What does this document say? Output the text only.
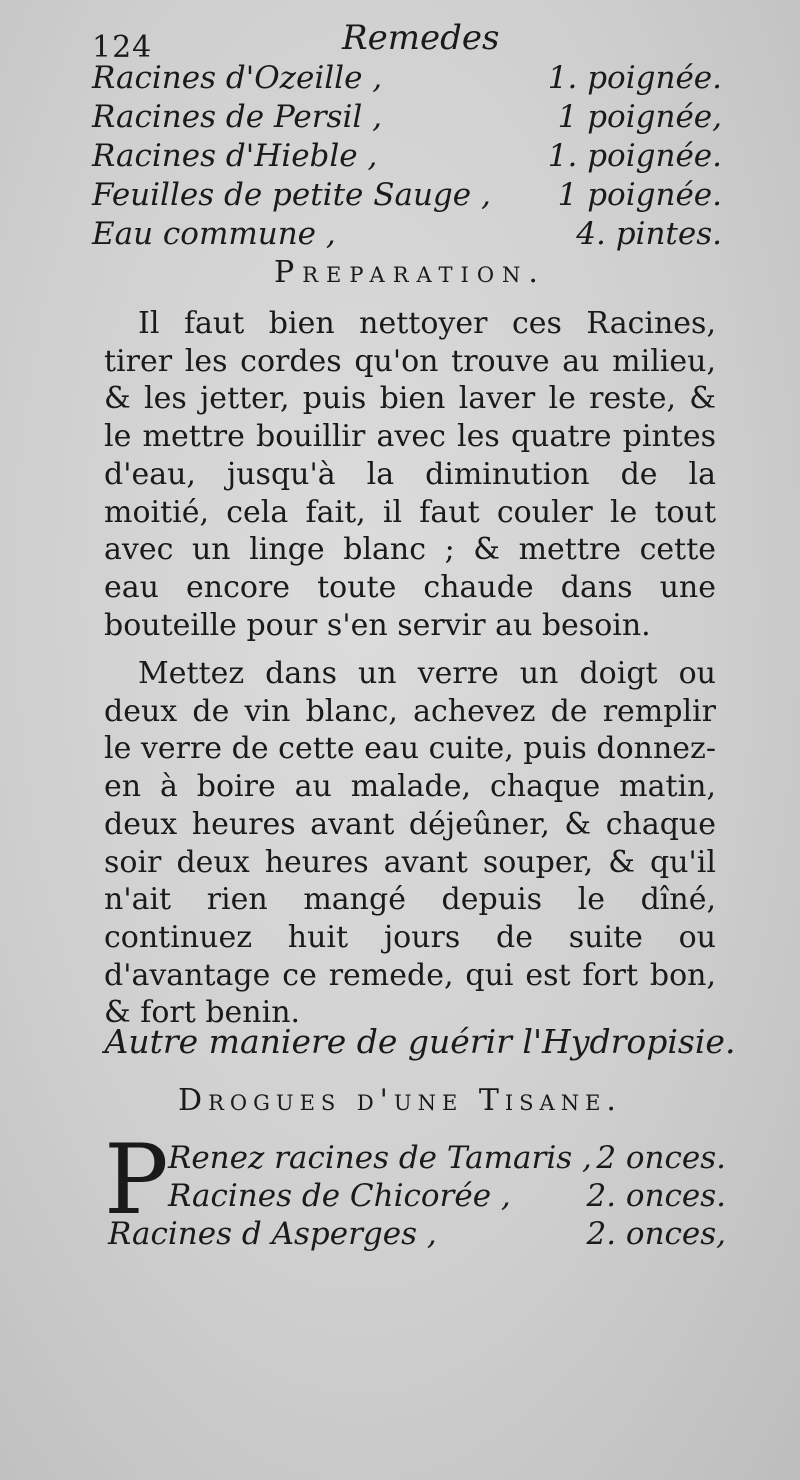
124	Remedes
Racines d'Ozeille ,	1. poignée.
Racines de Persil ,	1 poignée,
Racines d'Hieble ,	1. poignée.
Feuilles de petite Sauge , 1 poignée.
Eau commune ,	4. pintes.
Preparation.

Il faut bien nettoyer ces Racines, tirer les cordes qu'on trouve au milieu, & les jetter, puis bien laver le reste, & le mettre bouillir avec les quatre pintes d'eau, jusqu'à la diminution de la moitié, cela fait, il faut couler le tout avec un linge blanc ; & mettre cette eau encore toute chaude dans une bouteille pour s'en servir au besoin.

Mettez dans un verre un doigt ou deux de vin blanc, achevez de remplir le verre de cette eau cuite, puis donnez-en à boire au malade, chaque matin, deux heures avant déjeûner, & chaque soir deux heures avant souper, & qu'il n'ait rien mangé depuis le dîné, continuez huit jours de suite ou d'avantage ce remede, qui est fort bon, & fort benin.

Autre maniere de guérir l'Hydropisie.
Drogues d'une Tisane.
P Renez racines de Tamaris , 2 onces.
Racines de Chicorée , 2. onces.
Racines d Asperges ,	2. onces,
